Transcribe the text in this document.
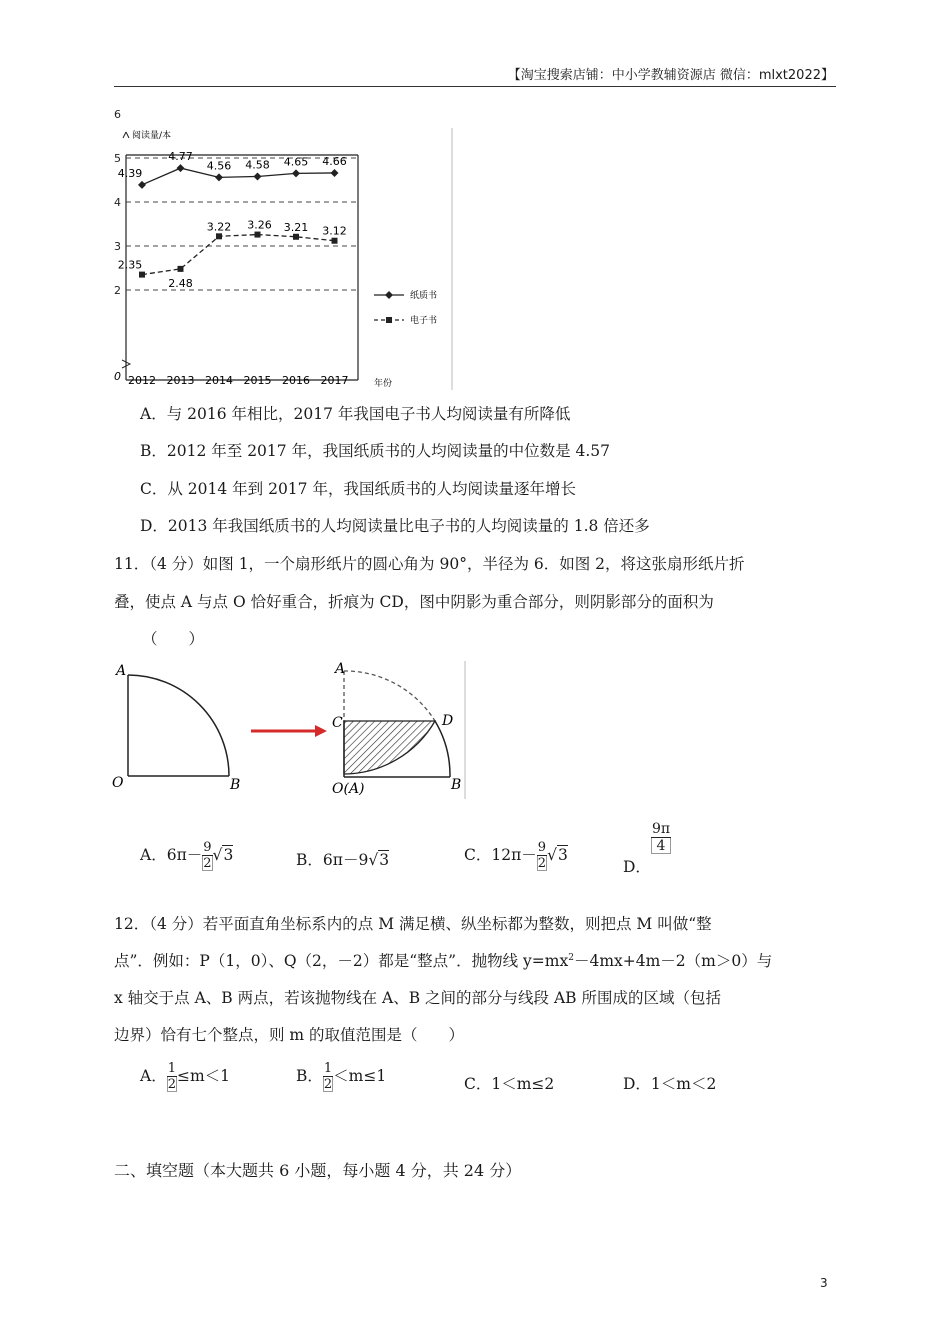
【淘宝搜索店铺：中小学教辅资源店 微信：mlxt2022】
2
3
4
5
6
0
阅读量/本
年份
2012 2013 2014 2015 2016 2017
4.39
4.77
4.56 4.58 4.65 4.66
2.35
2.48
3.22 3.26 3.21 3.12
纸质书
电子书
A．与 2016 年相比，2017 年我国电子书人均阅读量有所降低
B．2012 年至 2017 年，我国纸质书的人均阅读量的中位数是 4.57
C．从 2014 年到 2017 年，我国纸质书的人均阅读量逐年增长
D．2013 年我国纸质书的人均阅读量比电子书的人均阅读量的 1.8 倍还多
11．（4 分）如图 1，一个扇形纸片的圆心角为 90°，半径为 6．如图 2，将这张扇形纸片折
叠，使点 A 与点 O 恰好重合，折痕为 CD，图中阴影为重合部分，则阴影部分的面积为
（　　）
A
O	B
A
C	D
O(A)	B
A．$6\pi- \frac{9}{2} √3$	B．6π－9√3	C．$12\pi- \frac{9}{2} √3$
D．
$\frac{9\pi}{4}$
12．（4 分）若平面直角坐标系内的点 M 满足横、纵坐标都为整数，则把点 M 叫做“整
点”．例如：P（1，0）、Q（2，－2）都是“整点”．抛物线 $y=mx^2-4mx+4m-2(m>0)$与
x 轴交于点 A、B 两点，若该抛物线在 A、B 之间的部分与线段 AB 所围成的区域（包括
边界）恰有七个整点，则 m 的取值范围是（　　）
A． $\frac{1}{2} \le m<1$	B． $\frac{1}{2} <m\le 1$	C．1＜m≤2	D．1＜m＜2
二、填空题（本大题共 6 小题，每小题 4 分，共 24 分）
3
